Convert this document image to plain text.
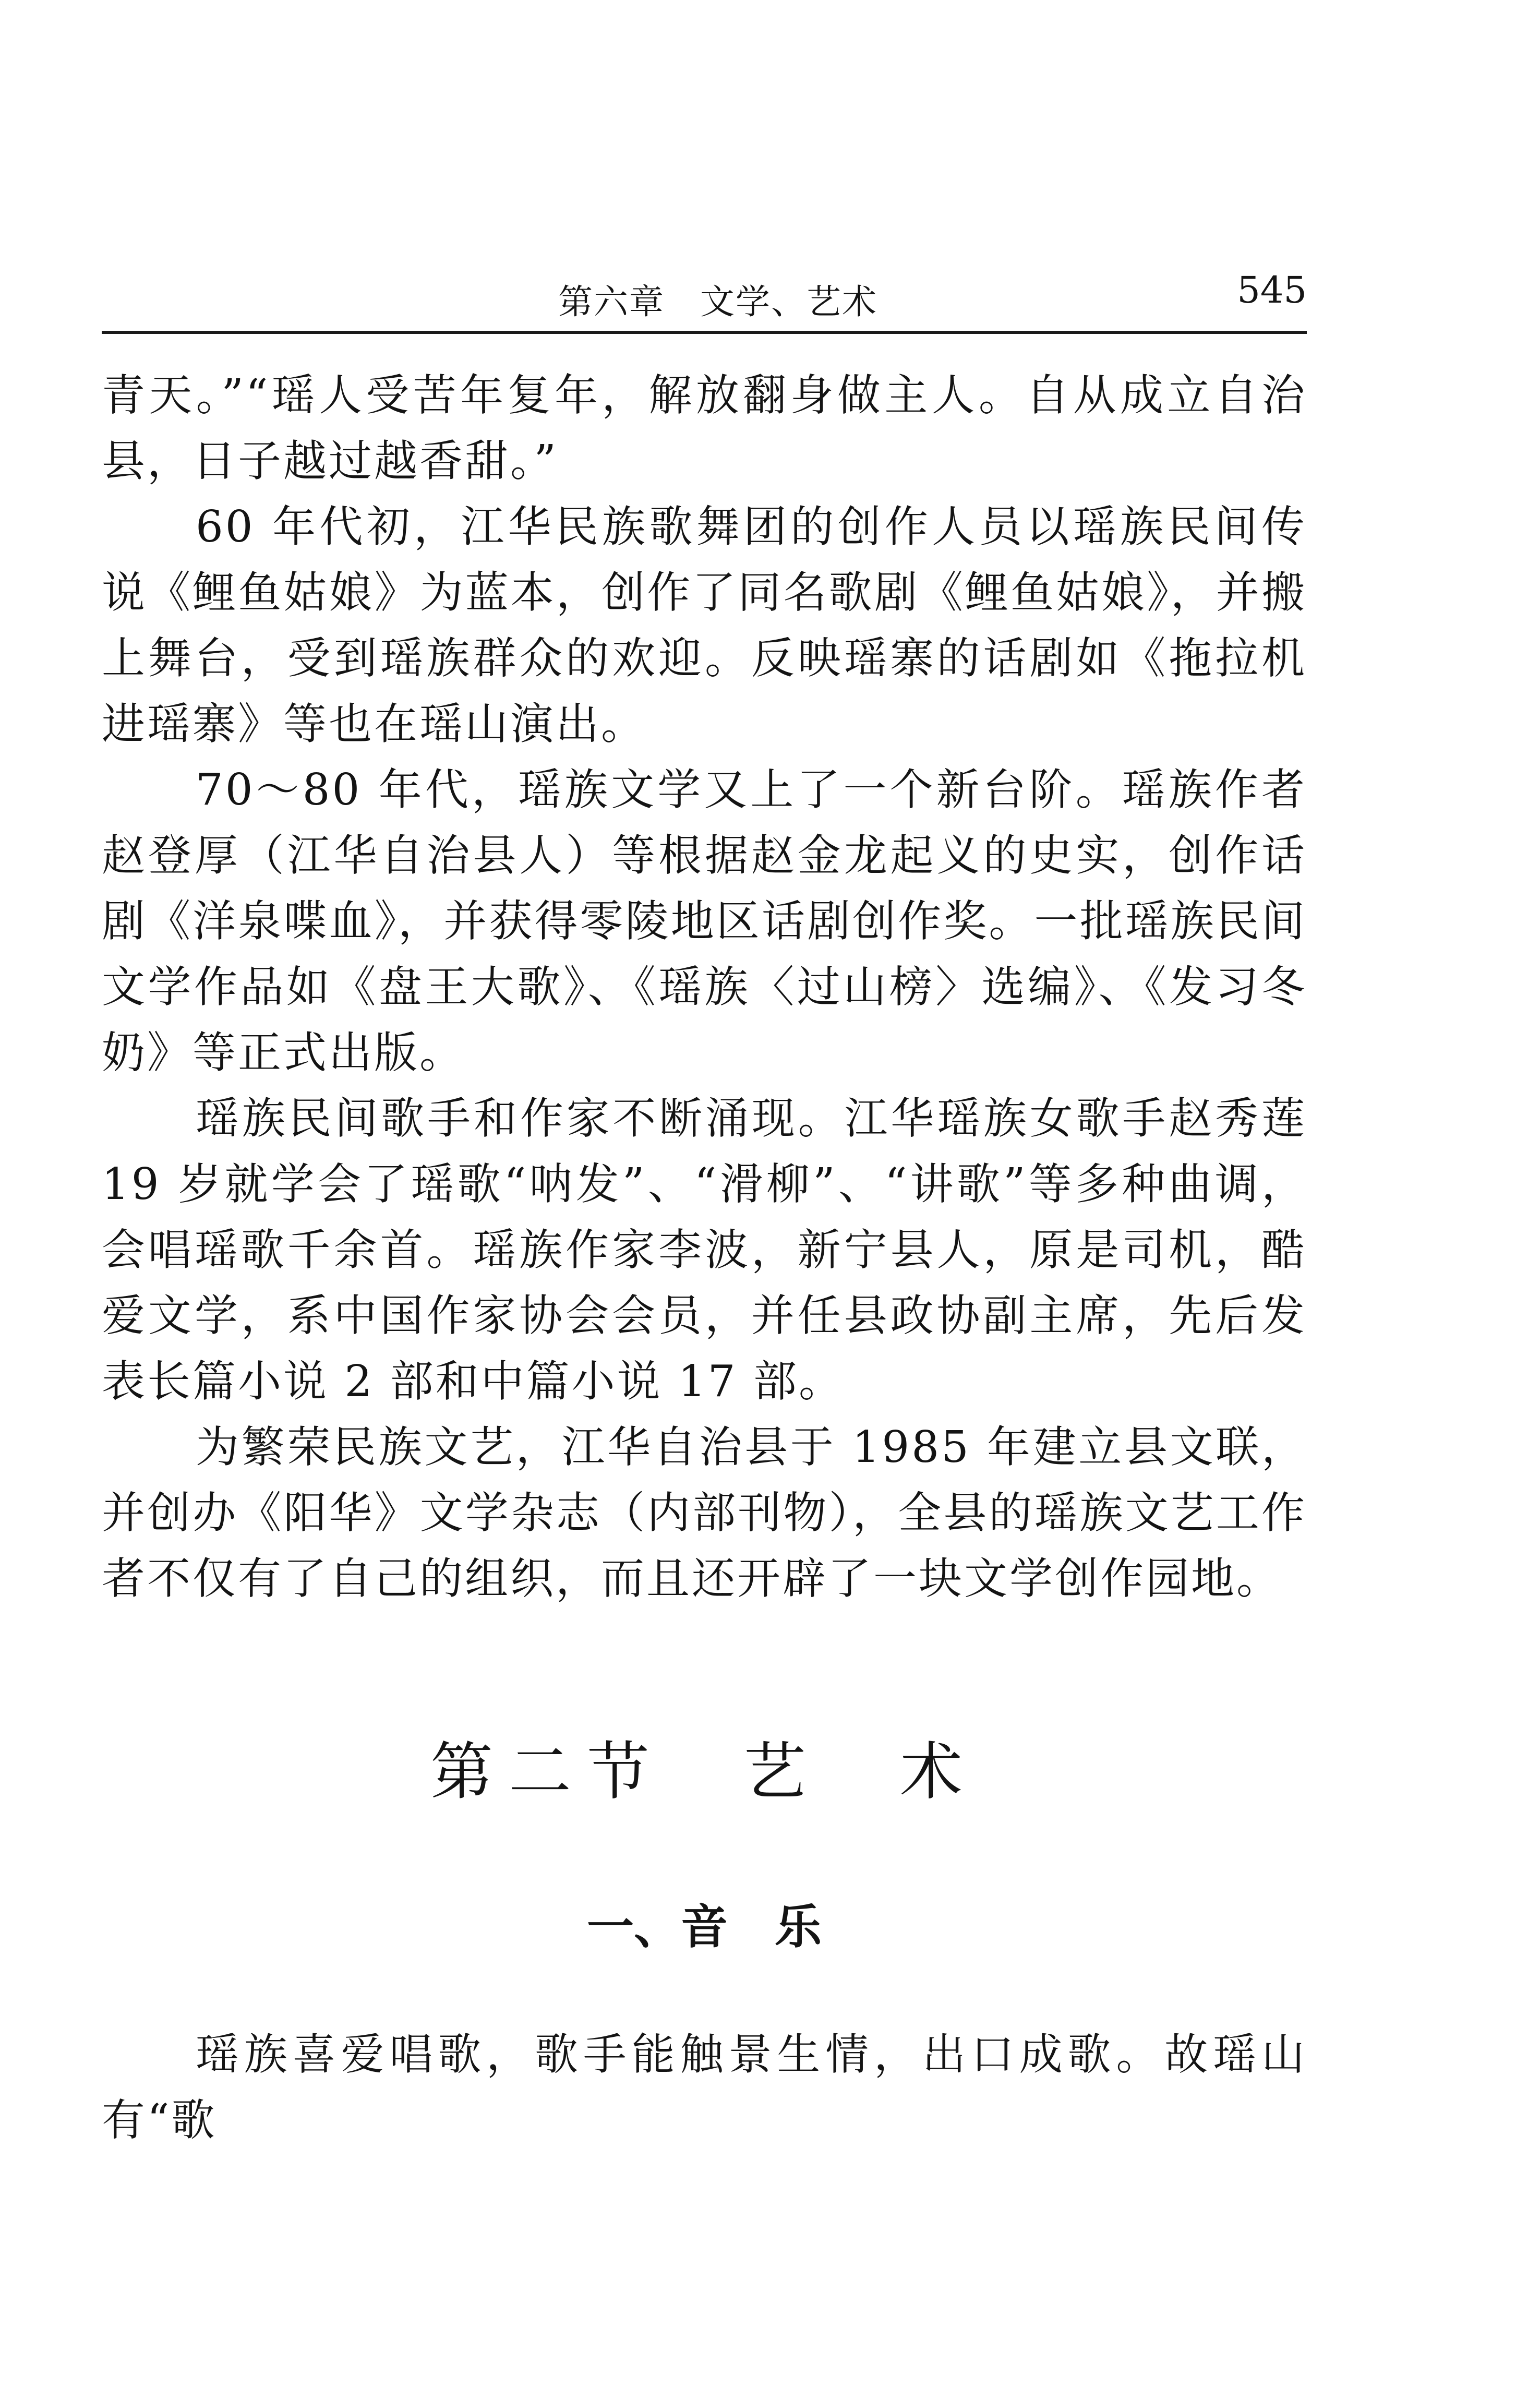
第六章　文学、艺术	545

青天。”“瑶人受苦年复年，解放翻身做主人。自从成立自治县，日子越过越香甜。”

60 年代初，江华民族歌舞团的创作人员以瑶族民间传说《鲤鱼姑娘》为蓝本，创作了同名歌剧《鲤鱼姑娘》，并搬上舞台，受到瑶族群众的欢迎。反映瑶寨的话剧如《拖拉机进瑶寨》等也在瑶山演出。

70～80 年代，瑶族文学又上了一个新台阶。瑶族作者赵登厚（江华自治县人）等根据赵金龙起义的史实，创作话剧《洋泉喋血》，并获得零陵地区话剧创作奖。一批瑶族民间文学作品如《盘王大歌》、《瑶族〈过山榜〉选编》、《发习冬奶》等正式出版。

瑶族民间歌手和作家不断涌现。江华瑶族女歌手赵秀莲 19 岁就学会了瑶歌“呐发”、“滑柳”、“讲歌”等多种曲调，会唱瑶歌千余首。瑶族作家李波，新宁县人，原是司机，酷爱文学，系中国作家协会会员，并任县政协副主席，先后发表长篇小说 2 部和中篇小说 17 部。

为繁荣民族文艺，江华自治县于 1985 年建立县文联，并创办《阳华》文学杂志（内部刊物），全县的瑶族文艺工作者不仅有了自己的组织，而且还开辟了一块文学创作园地。

第二节　艺　术
一、音　乐

瑶族喜爱唱歌，歌手能触景生情，出口成歌。故瑶山有“歌
